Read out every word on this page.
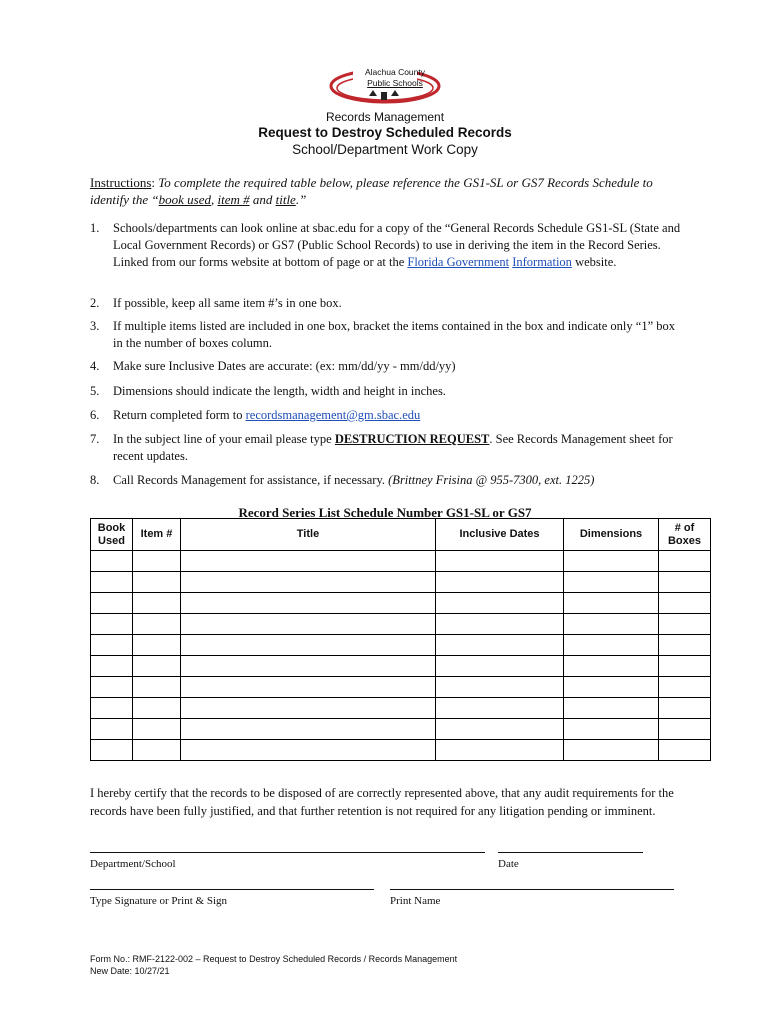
Alachua County
Public Schools
Records Management
Request to Destroy Scheduled Records
School/Department Work Copy
Instructions: To complete the required table below, please reference the GS1-SL or GS7 Records Schedule to identify the “book used, item # and title.”
1.	Schools/departments can look online at sbac.edu for a copy of the “General Records Schedule GS1-SL (State and Local Government Records) or GS7 (Public School Records) to use in deriving the item in the Record Series. Linked from our forms website at bottom of page or at the Florida Government Information website.
2.	If possible, keep all same item #’s in one box.
3.	If multiple items listed are included in one box, bracket the items contained in the box and indicate only “1” box in the number of boxes column.
4.	Make sure Inclusive Dates are accurate: (ex: mm/dd/yy - mm/dd/yy)
5.	Dimensions should indicate the length, width and height in inches.
6.	Return completed form to recordsmanagement@gm.sbac.edu
7.	In the subject line of your email please type DESTRUCTION REQUEST. See Records Management sheet for recent updates.
8.	Call Records Management for assistance, if necessary. (Brittney Frisina @ 955-7300, ext. 1225)
Record Series List Schedule Number GS1-SL or GS7
Book Used	Item #	Title	Inclusive Dates	Dimensions	# of Boxes

I hereby certify that the records to be disposed of are correctly represented above, that any audit requirements for the records have been fully justified, and that further retention is not required for any litigation pending or imminent.
Department/School	Date
Type Signature or Print & Sign	Print Name
Form No.: RMF-2122-002 – Request to Destroy Scheduled Records / Records Management
New Date: 10/27/21
